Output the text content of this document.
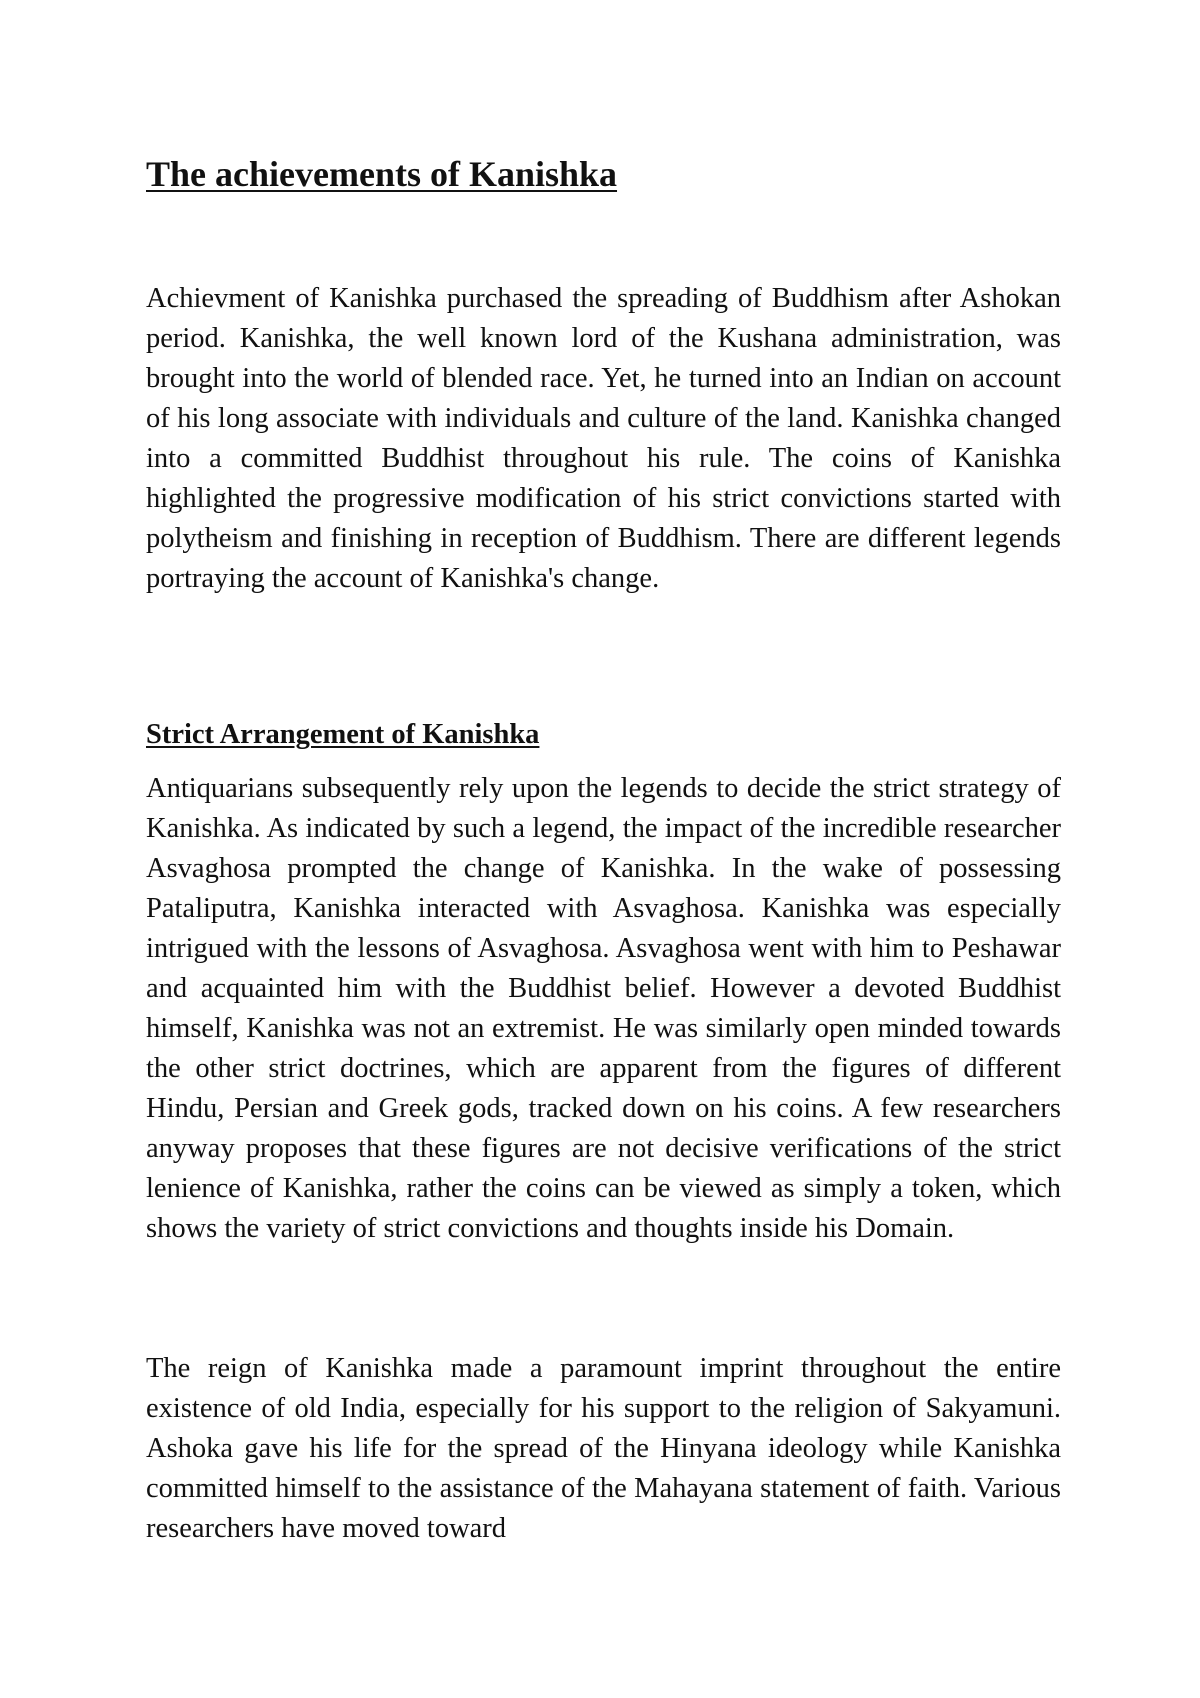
The achievements of Kanishka

Achievment of Kanishka purchased the spreading of Buddhism after Ashokan period. Kanishka, the well known lord of the Kushana administration, was brought into the world of blended race. Yet, he turned into an Indian on account of his long associate with individuals and culture of the land. Kanishka changed into a committed Buddhist throughout his rule. The coins of Kanishka highlighted the progressive modification of his strict convictions started with polytheism and finishing in reception of Buddhism. There are different legends portraying the account of Kanishka's change.

Strict Arrangement of Kanishka

Antiquarians subsequently rely upon the legends to decide the strict strategy of Kanishka. As indicated by such a legend, the impact of the incredible researcher Asvaghosa prompted the change of Kanishka. In the wake of possessing Pataliputra, Kanishka interacted with Asvaghosa. Kanishka was especially intrigued with the lessons of Asvaghosa. Asvaghosa went with him to Peshawar and acquainted him with the Buddhist belief. However a devoted Buddhist himself, Kanishka was not an extremist. He was similarly open minded towards the other strict doctrines, which are apparent from the figures of different Hindu, Persian and Greek gods, tracked down on his coins. A few researchers anyway proposes that these figures are not decisive verifications of the strict lenience of Kanishka, rather the coins can be viewed as simply a token, which shows the variety of strict convictions and thoughts inside his Domain.

The reign of Kanishka made a paramount imprint throughout the entire existence of old India, especially for his support to the religion of Sakyamuni. Ashoka gave his life for the spread of the Hinyana ideology while Kanishka committed himself to the assistance of the Mahayana statement of faith. Various researchers have moved toward
